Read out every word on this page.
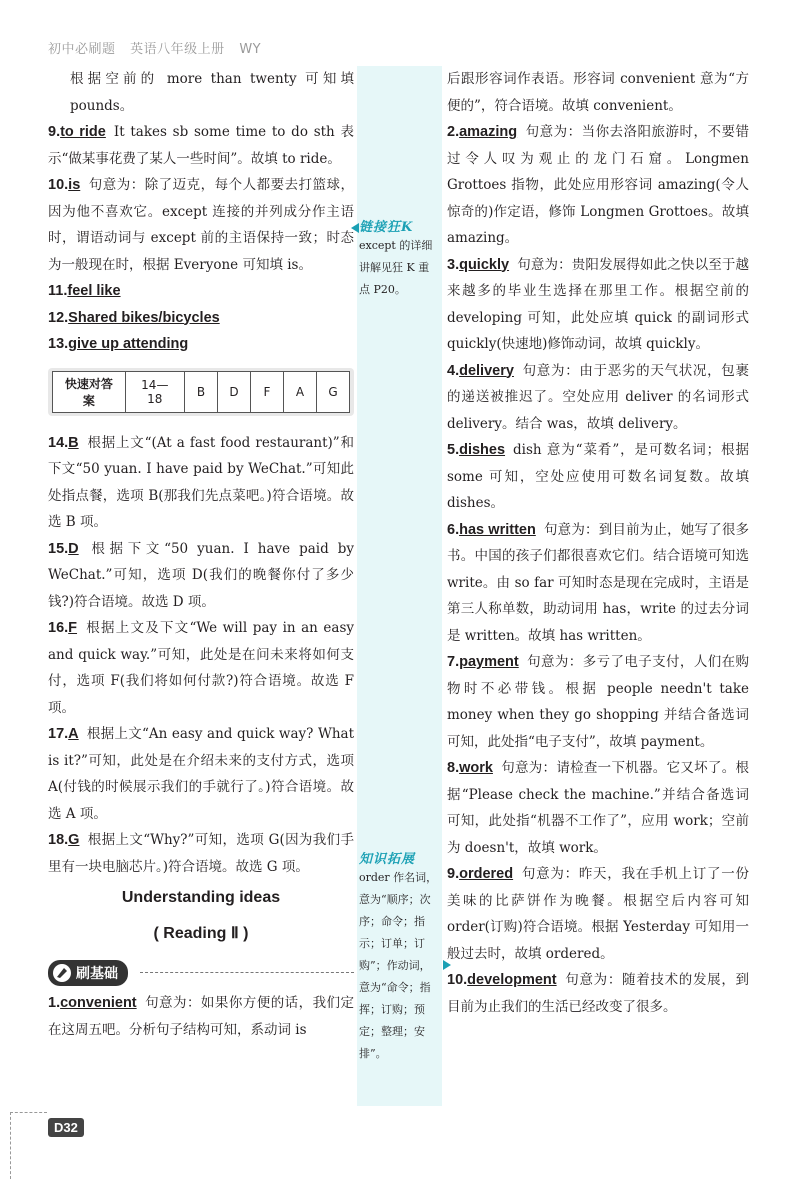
初中必刷题 英语八年级上册 WY

根据空前的 more than twenty 可知填 pounds。

9.to ride It takes sb some time to do sth 表示“做某事花费了某人一些时间”。故填 to ride。

10.is 句意为：除了迈克，每个人都要去打篮球，因为他不喜欢它。except 连接的并列成分作主语时，谓语动词与 except 前的主语保持一致；时态为一般现在时，根据 Everyone 可知填 is。

11.feel like

12.Shared bikes/bicycles

13.give up attending

快速对答案	14—18	B	D	F	A	G

14.B 根据上文“(At a fast food restaurant)”和下文“50 yuan. I have paid by WeChat.”可知此处指点餐，选项 B(那我们先点菜吧。)符合语境。故选 B 项。

15.D 根据下文“50 yuan. I have paid by WeChat.”可知，选项 D(我们的晚餐你付了多少钱?)符合语境。故选 D 项。

16.F 根据上文及下文“We will pay in an easy and quick way.”可知，此处是在问未来将如何支付，选项 F(我们将如何付款?)符合语境。故选 F 项。

17.A 根据上文“An easy and quick way? What is it?”可知，此处是在介绍未来的支付方式，选项 A(付钱的时候展示我们的手就行了。)符合语境。故选 A 项。

18.G 根据上文“Why?”可知，选项 G(因为我们手里有一块电脑芯片。)符合语境。故选 G 项。

Understanding ideas
( Reading Ⅱ )
刷基础

1.convenient 句意为：如果你方便的话，我们定在这周五吧。分析句子结构可知，系动词 is

链接狂K
except 的详细讲解见狂 K 重点 P20。
知识拓展
order 作名词，意为“顺序；次序；命令；指示；订单；订购”；作动词，意为“命令；指挥；订购；预定；整理；安排”。

后跟形容词作表语。形容词 convenient 意为“方便的”，符合语境。故填 convenient。

2.amazing 句意为：当你去洛阳旅游时，不要错过令人叹为观止的龙门石窟。Longmen Grottoes 指物，此处应用形容词 amazing(令人惊奇的)作定语，修饰 Longmen Grottoes。故填 amazing。

3.quickly 句意为：贵阳发展得如此之快以至于越来越多的毕业生选择在那里工作。根据空前的 developing 可知，此处应填 quick 的副词形式 quickly(快速地)修饰动词，故填 quickly。

4.delivery 句意为：由于恶劣的天气状况，包裹的递送被推迟了。空处应用 deliver 的名词形式 delivery。结合 was，故填 delivery。

5.dishes dish 意为“菜肴”，是可数名词；根据 some 可知，空处应使用可数名词复数。故填 dishes。

6.has written 句意为：到目前为止，她写了很多书。中国的孩子们都很喜欢它们。结合语境可知选 write。由 so far 可知时态是现在完成时，主语是第三人称单数，助动词用 has，write 的过去分词是 written。故填 has written。

7.payment 句意为：多亏了电子支付，人们在购物时不必带钱。根据 people needn't take money when they go shopping 并结合备选词可知，此处指“电子支付”，故填 payment。

8.work 句意为：请检查一下机器。它又坏了。根据“Please check the machine.”并结合备选词可知，此处指“机器不工作了”，应用 work；空前为 doesn't，故填 work。

9.ordered 句意为：昨天，我在手机上订了一份美味的比萨饼作为晚餐。根据空后内容可知 order(订购)符合语境。根据 Yesterday 可知用一般过去时，故填 ordered。

10.development 句意为：随着技术的发展，到目前为止我们的生活已经改变了很多。

D32
